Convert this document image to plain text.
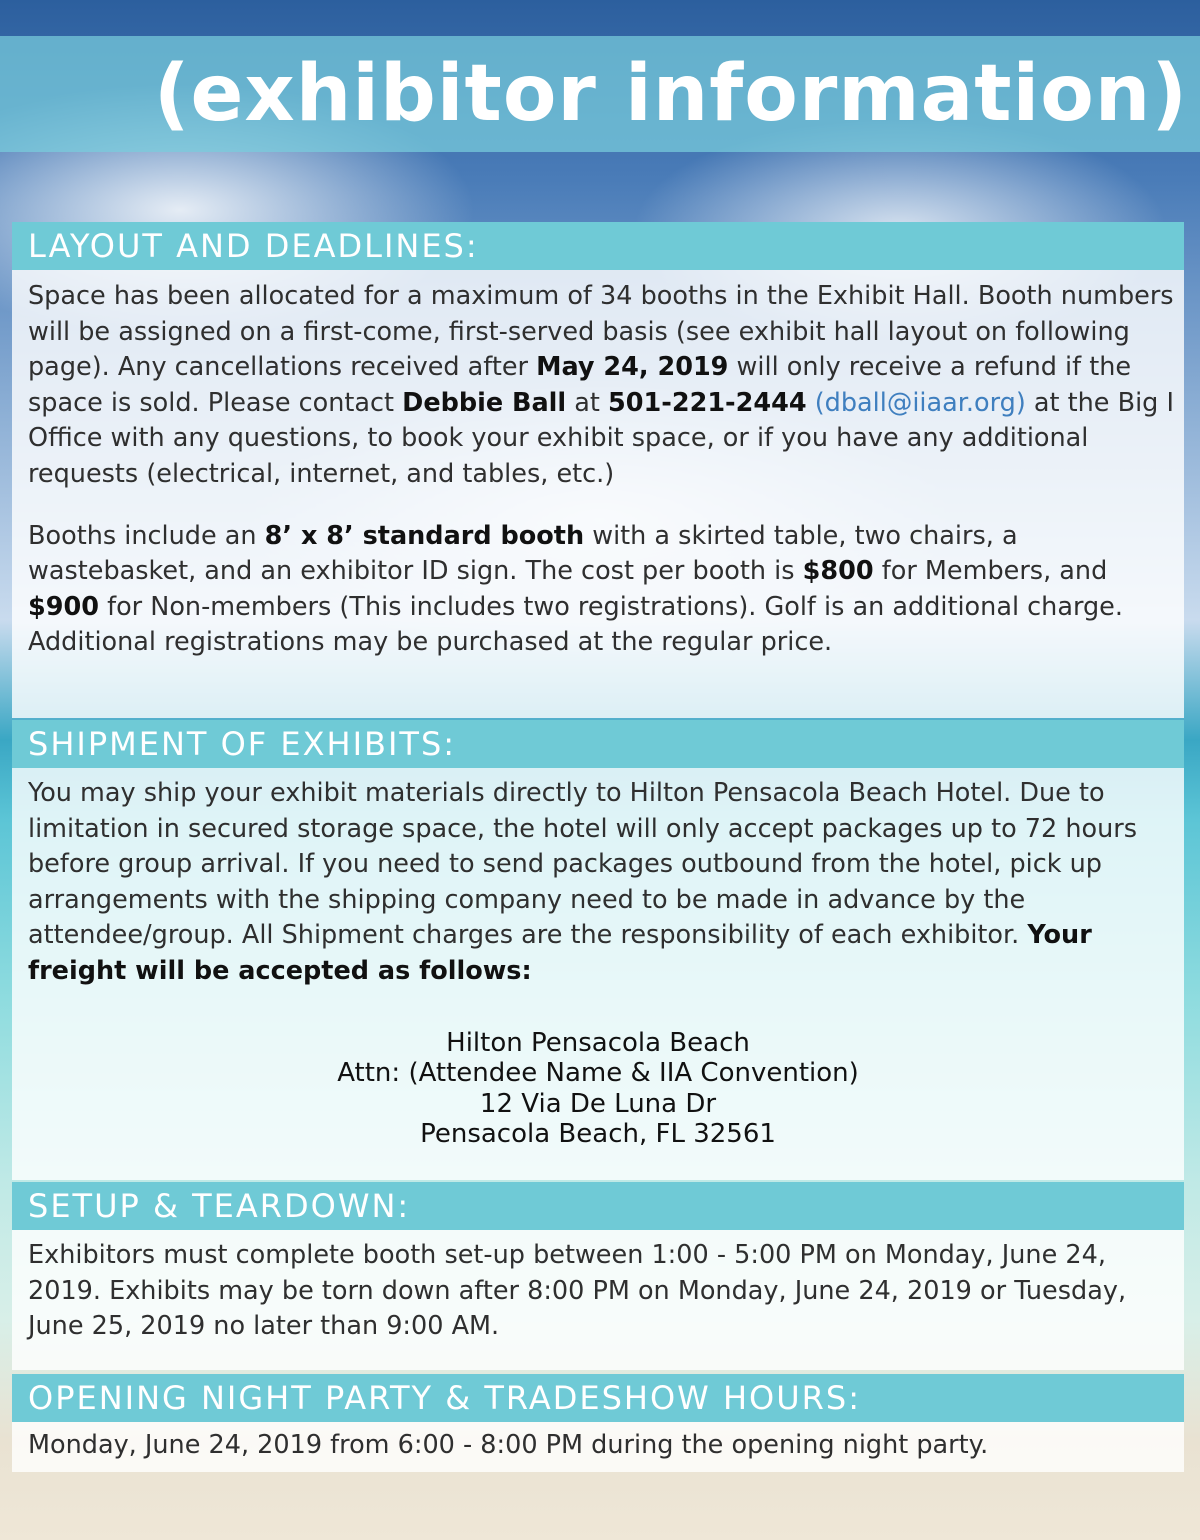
(exhibitor information)
LAYOUT AND DEADLINES:

Space has been allocated for a maximum of 34 booths in the Exhibit Hall. Booth numbers will be assigned on a first-come, first-served basis (see exhibit hall layout on following page). Any cancellations received after May 24, 2019 will only receive a refund if the space is sold. Please contact Debbie Ball at 501-221-2444 (dball@iiaar.org) at the Big I Office with any questions, to book your exhibit space, or if you have any additional requests (electrical, internet, and tables, etc.)

Booths include an 8’ x 8’ standard booth with a skirted table, two chairs, a wastebasket, and an exhibitor ID sign. The cost per booth is $800 for Members, and $900 for Non-members (This includes two registrations). Golf is an additional charge. Additional registrations may be purchased at the regular price.

SHIPMENT OF EXHIBITS:

You may ship your exhibit materials directly to Hilton Pensacola Beach Hotel. Due to limitation in secured storage space, the hotel will only accept packages up to 72 hours before group arrival. If you need to send packages outbound from the hotel, pick up arrangements with the shipping company need to be made in advance by the attendee/group. All Shipment charges are the responsibility of each exhibitor. Your freight will be accepted as follows:

Hilton Pensacola Beach
Attn: (Attendee Name & IIA Convention)
12 Via De Luna Dr
Pensacola Beach, FL 32561
SETUP & TEARDOWN:

Exhibitors must complete booth set-up between 1:00 - 5:00 PM on Monday, June 24, 2019. Exhibits may be torn down after 8:00 PM on Monday, June 24, 2019 or Tuesday, June 25, 2019 no later than 9:00 AM.

OPENING NIGHT PARTY & TRADESHOW HOURS:

Monday, June 24, 2019 from 6:00 - 8:00 PM during the opening night party.
